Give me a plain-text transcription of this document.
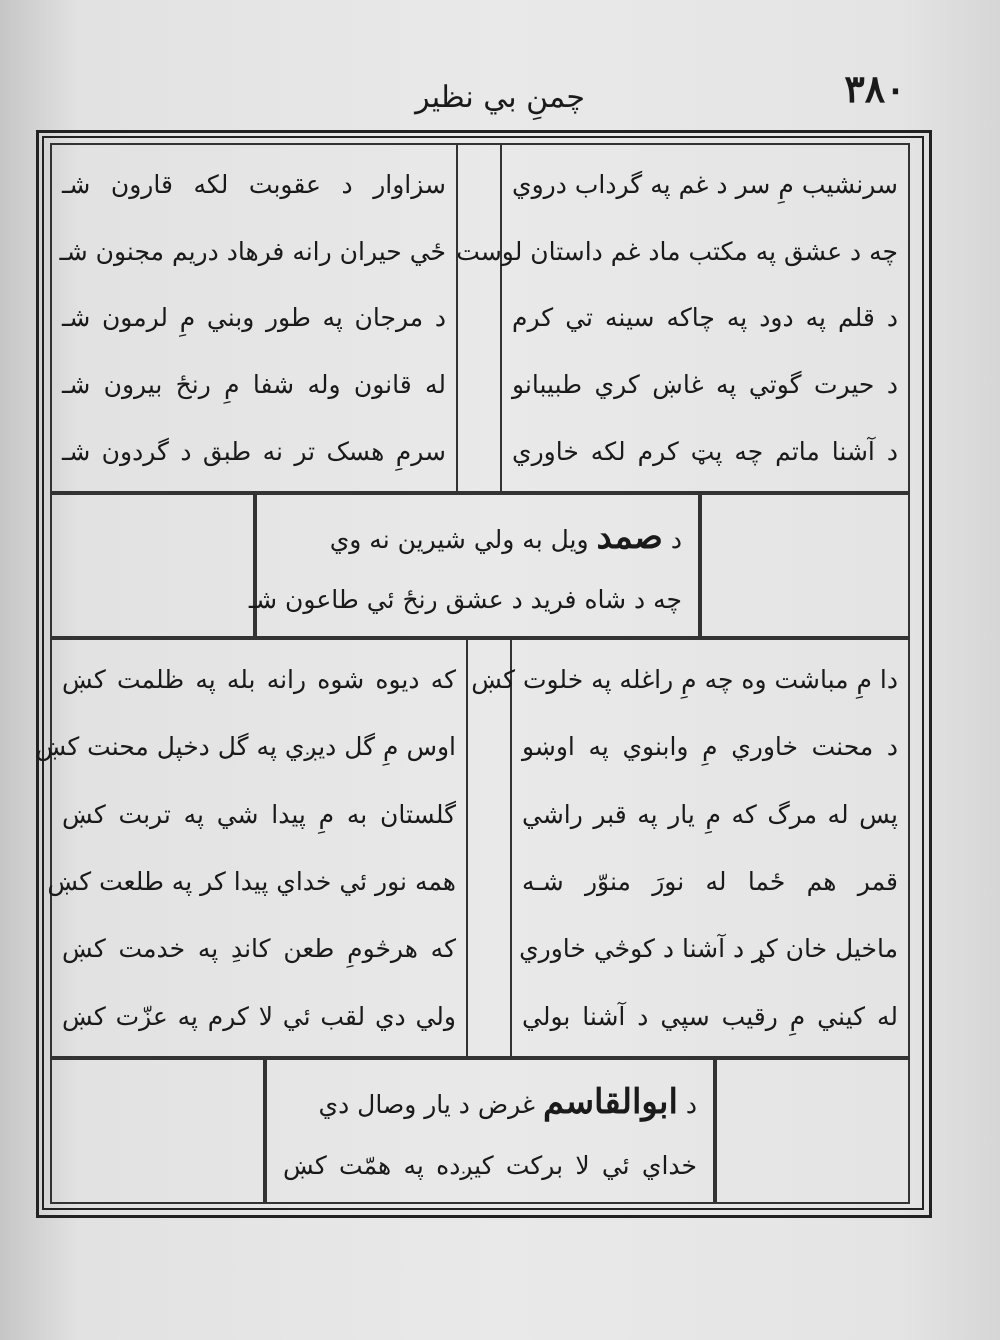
چمنِ بي نظير	۳۸۰
سرنشيب مِ سر د غم په گرداب دروي
چه د عشق په مکتب ماد غم داستان لوست
د قلم په دود په چاکه سينه تي کرم
د حيرت گوتي په غاښ کري طبيبانو
د آشنا ماتم چه پټ کرم لکه خاوري
سزاوار د عقوبت لکه قارون شـ
ځي حيران رانه فرهاد دريم مجنون شـ
د مرجان په طور وبني مِ لرمون شـ
له قانون وله شفا مِ رنځ بيرون شـ
سرمِ هسک تر نه طبق د گردون شـ
د صمد ويل به ولي شيرين نه وي
چه د شاه فريد د عشق رنځ ئي طاعون شـ
دا مِ مباشت وه چه مِ راغله په خلوت کښ
د محنت خاوري مِ وابنوي په اوښو
پس له مرگ که مِ يار په قبر راشي
قمر هم ځما له نورَ منوّر شـه
ماخيل خان کړ د آشنا د کوڅي خاوري
له کيني مِ رقيب سپي د آشنا بولي
که ديوه شوه رانه بله په ظلمت کښ
اوس مِ گل ديږي په گل دخپل محنت کښ
گلستان به مِ پيدا شي په تربت کښ
همه نور ئي خداي پيدا کر په طلعت کښ
که هرڅومِ طعن کاندِ په خدمت کښ
ولي دي لقب ئي لا کرم په عزّت کښ
د ابوالقاسم غرض د يار وصال دي
خداي ئي لا برکت کيږده په همّت کښ
